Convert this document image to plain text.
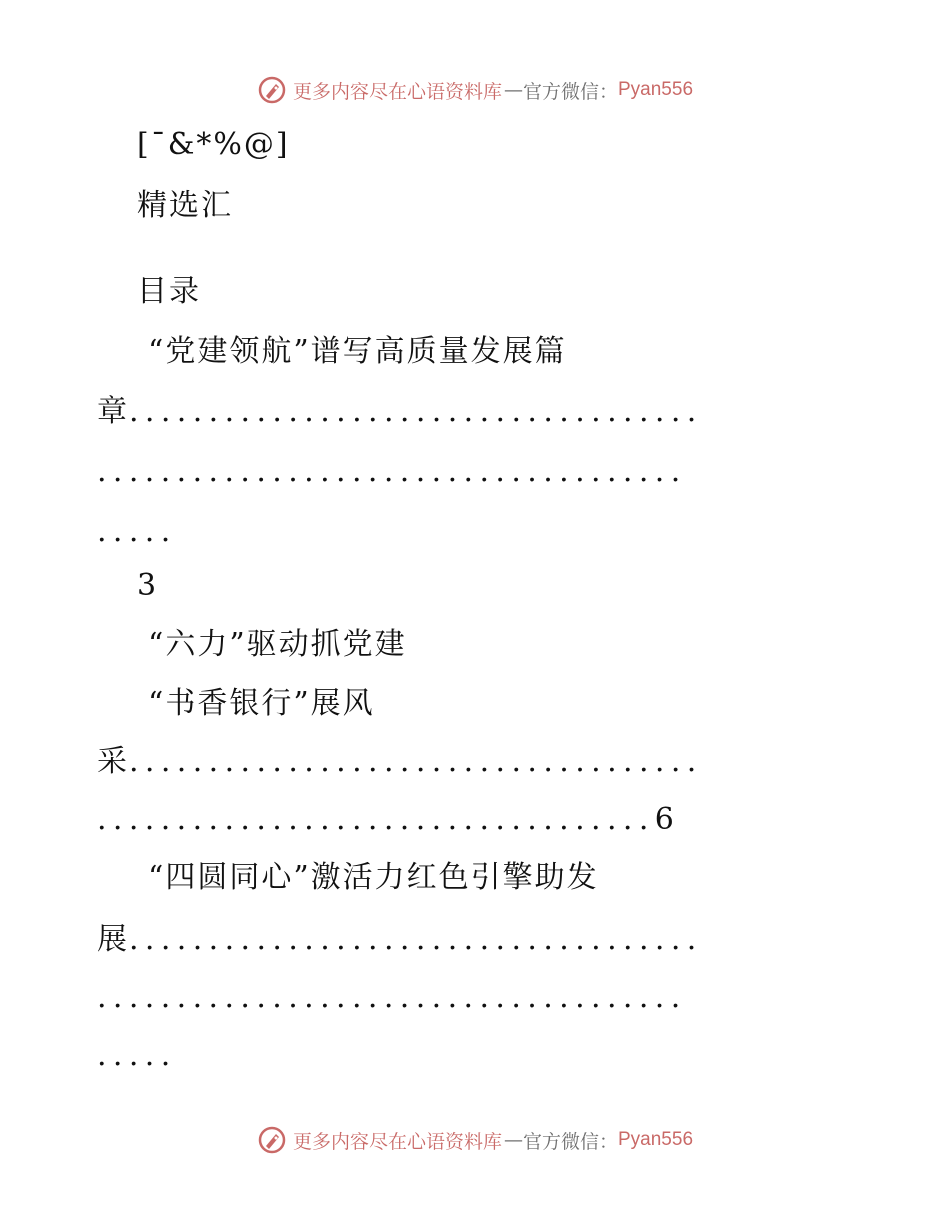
更多内容尽在心语资料库 — 官方微信： Pyan556
[¯&*%@]
精选汇
目录
“党建领航”谱写高质量发展篇
章....................................
.....................................
.....
3
“六力”驱动抓党建
“书香银行”展风
采....................................
...................................6
“四圆同心”激活力红色引擎助发
展....................................
.....................................
.....
更多内容尽在心语资料库 — 官方微信： Pyan556
